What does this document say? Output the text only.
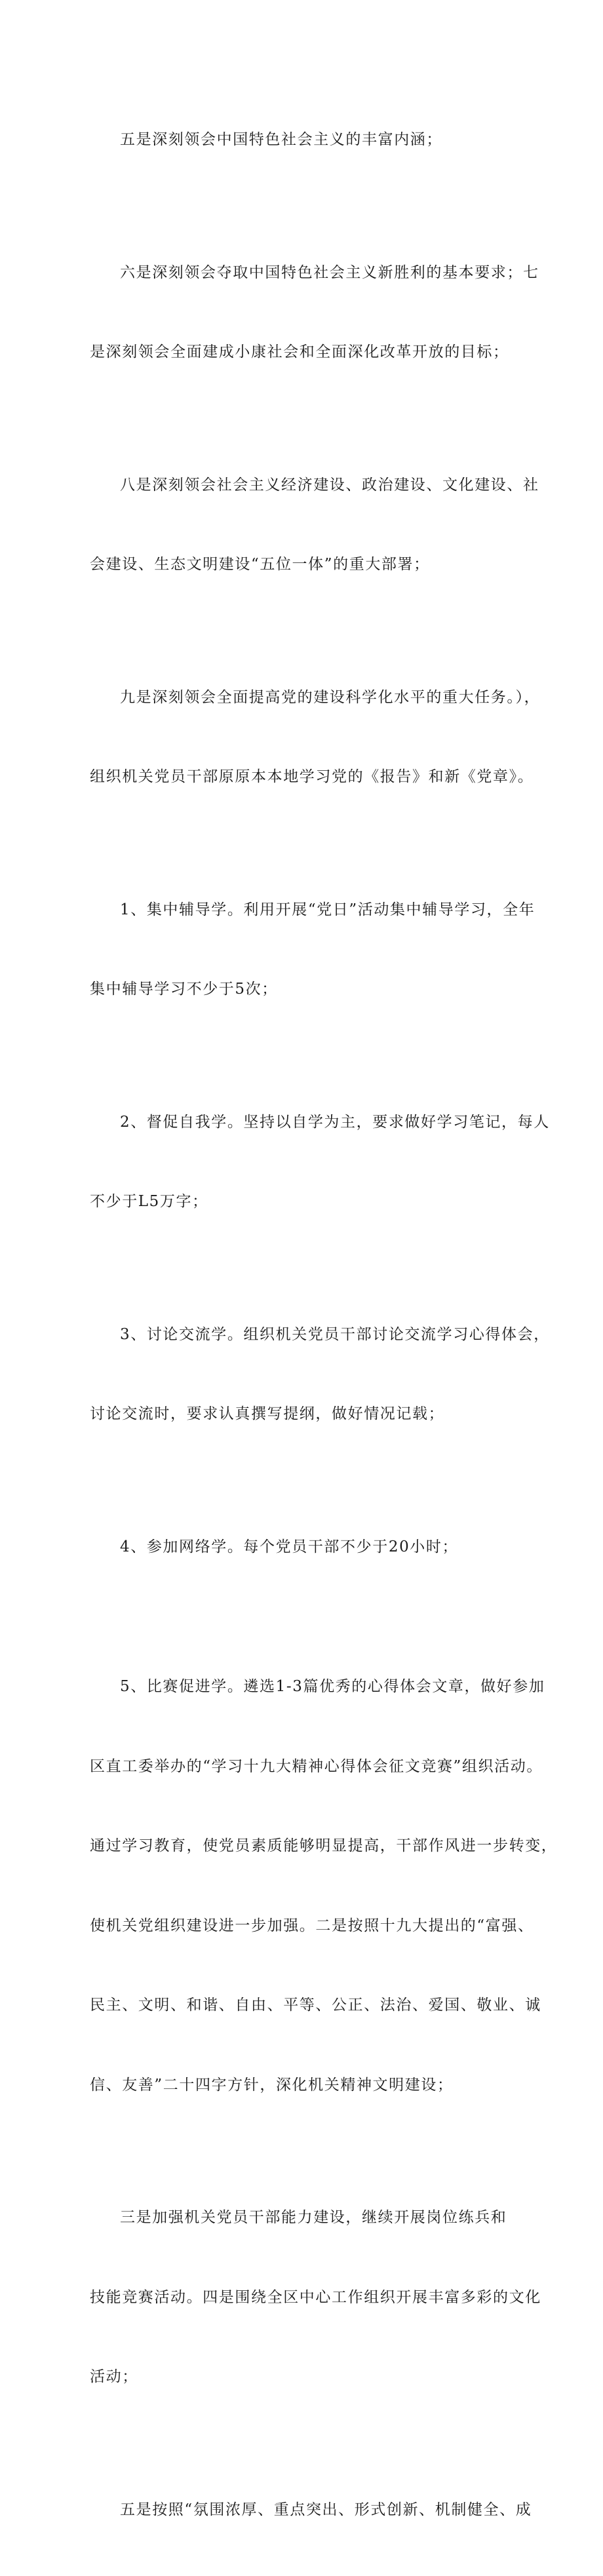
五是深刻领会中国特色社会主义的丰富内涵；

六是深刻领会夺取中国特色社会主义新胜利的基本要求；七

是深刻领会全面建成小康社会和全面深化改革开放的目标；

八是深刻领会社会主义经济建设、政治建设、文化建设、社

会建设、生态文明建设“五位一体”的重大部署；

九是深刻领会全面提高党的建设科学化水平的重大任务。），

组织机关党员干部原原本本地学习党的《报告》和新《党章》。

1、集中辅导学。利用开展“党日”活动集中辅导学习，全年

集中辅导学习不少于5次；

2、督促自我学。坚持以自学为主，要求做好学习笔记，每人

不少于L5万字；

3、讨论交流学。组织机关党员干部讨论交流学习心得体会，

讨论交流时，要求认真撰写提纲，做好情况记载；

4、参加网络学。每个党员干部不少于20小时；

5、比赛促进学。遴选1-3篇优秀的心得体会文章，做好参加

区直工委举办的“学习十九大精神心得体会征文竞赛”组织活动。

通过学习教育，使党员素质能够明显提高，干部作风进一步转变，

使机关党组织建设进一步加强。二是按照十九大提出的“富强、

民主、文明、和谐、自由、平等、公正、法治、爱国、敬业、诚

信、友善”二十四字方针，深化机关精神文明建设；

三是加强机关党员干部能力建设，继续开展岗位练兵和

技能竞赛活动。四是围绕全区中心工作组织开展丰富多彩的文化

活动；

五是按照“氛围浓厚、重点突出、形式创新、机制健全、成
